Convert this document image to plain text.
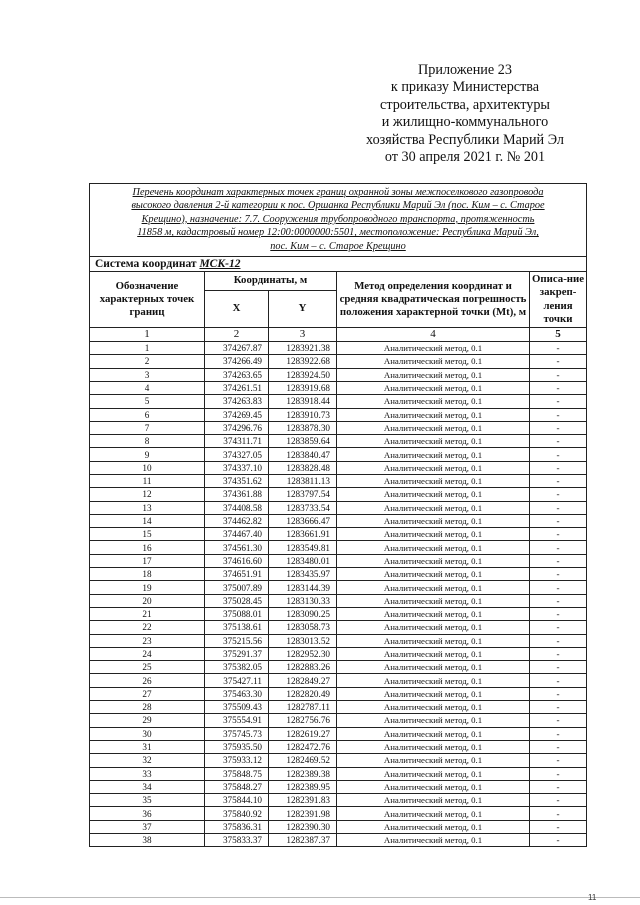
Приложение 23
к приказу Министерства
строительства, архитектуры
и жилищно-коммунального
хозяйства Республики Марий Эл
от 30 апреля 2021 г. № 201
Перечень координат характерных точек границ охранной зоны межпоселкового газопровода
высокого давления 2-й категории к пос. Оршанка Республики Марий Эл (пос. Ким – с. Старое
Крещино), назначение: 7.7. Сооружения трубопроводного транспорта, протяженность
11858 м, кадастровый номер 12:00:0000000:5501, местоположение: Республика Марий Эл,
пос. Ким – с. Старое Крещино				

Система координат МСК-12				
Обозначение характерных точек границ	Координаты, м		Метод определения координат и средняя квадратическая погрешность положения характерной точки (Mt), м	Описа-ние закреп-ления точки
	X	Y		
1	2	3	4	5
1	374267.87	1283921.38	Аналитический метод, 0.1	-
2	374266.49	1283922.68	Аналитический метод, 0.1	-
3	374263.65	1283924.50	Аналитический метод, 0.1	-
4	374261.51	1283919.68	Аналитический метод, 0.1	-
5	374263.83	1283918.44	Аналитический метод, 0.1	-
6	374269.45	1283910.73	Аналитический метод, 0.1	-
7	374296.76	1283878.30	Аналитический метод, 0.1	-
8	374311.71	1283859.64	Аналитический метод, 0.1	-
9	374327.05	1283840.47	Аналитический метод, 0.1	-
10	374337.10	1283828.48	Аналитический метод, 0.1	-
11	374351.62	1283811.13	Аналитический метод, 0.1	-
12	374361.88	1283797.54	Аналитический метод, 0.1	-
13	374408.58	1283733.54	Аналитический метод, 0.1	-
14	374462.82	1283666.47	Аналитический метод, 0.1	-
15	374467.40	1283661.91	Аналитический метод, 0.1	-
16	374561.30	1283549.81	Аналитический метод, 0.1	-
17	374616.60	1283480.01	Аналитический метод, 0.1	-
18	374651.91	1283435.97	Аналитический метод, 0.1	-
19	375007.89	1283144.39	Аналитический метод, 0.1	-
20	375028.45	1283130.33	Аналитический метод, 0.1	-
21	375088.01	1283090.25	Аналитический метод, 0.1	-
22	375138.61	1283058.73	Аналитический метод, 0.1	-
23	375215.56	1283013.52	Аналитический метод, 0.1	-
24	375291.37	1282952.30	Аналитический метод, 0.1	-
25	375382.05	1282883.26	Аналитический метод, 0.1	-
26	375427.11	1282849.27	Аналитический метод, 0.1	-
27	375463.30	1282820.49	Аналитический метод, 0.1	-
28	375509.43	1282787.11	Аналитический метод, 0.1	-
29	375554.91	1282756.76	Аналитический метод, 0.1	-
30	375745.73	1282619.27	Аналитический метод, 0.1	-
31	375935.50	1282472.76	Аналитический метод, 0.1	-
32	375933.12	1282469.52	Аналитический метод, 0.1	-
33	375848.75	1282389.38	Аналитический метод, 0.1	-
34	375848.27	1282389.95	Аналитический метод, 0.1	-
35	375844.10	1282391.83	Аналитический метод, 0.1	-
36	375840.92	1282391.98	Аналитический метод, 0.1	-
37	375836.31	1282390.30	Аналитический метод, 0.1	-
38	375833.37	1282387.37	Аналитический метод, 0.1	-
11
